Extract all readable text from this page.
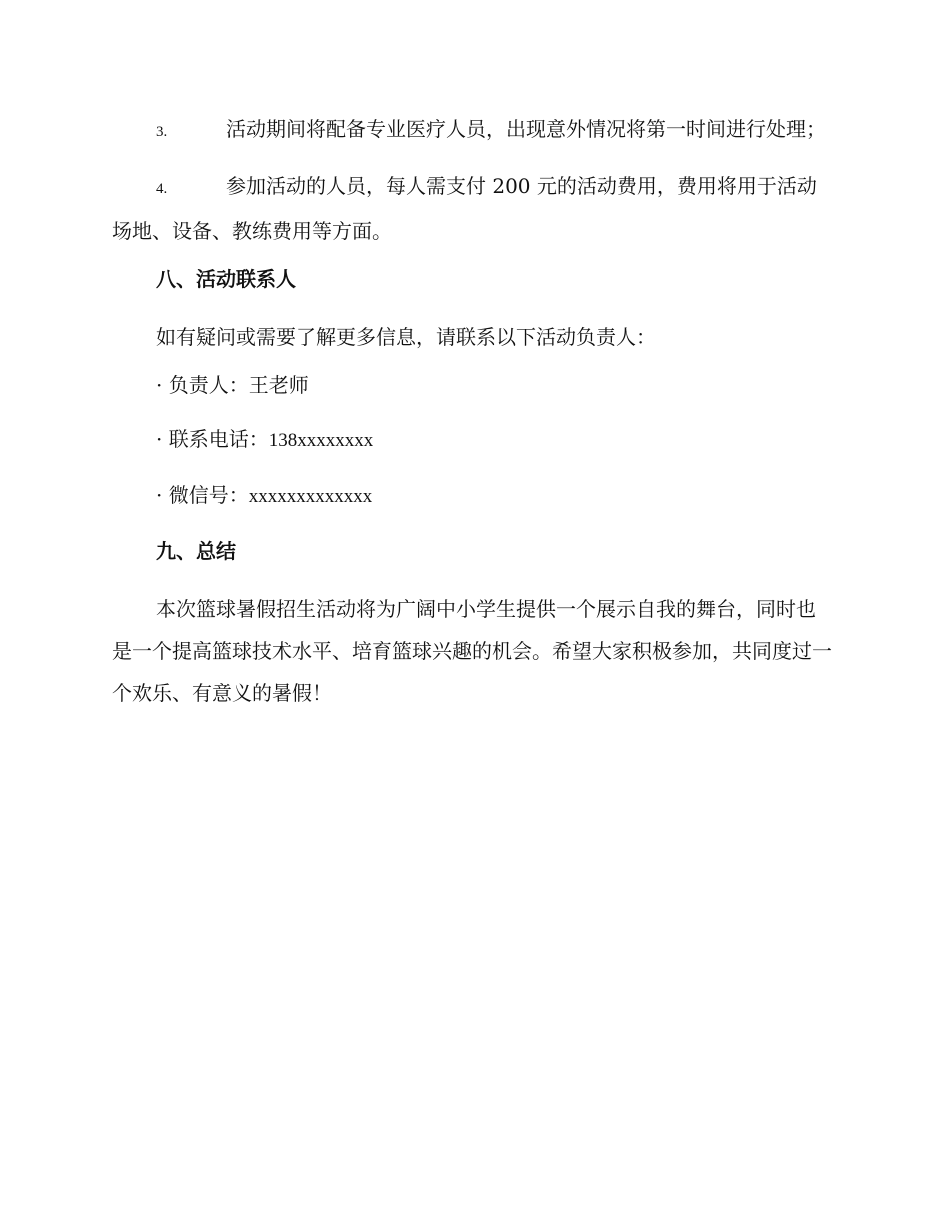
3.	活动期间将配备专业医疗人员，出现意外情况将第一时间进行处理；

4.	参加活动的人员，每人需支付 200 元的活动费用，费用将用于活动场地、设备、教练费用等方面。

八、活动联系人

如有疑问或需要了解更多信息，请联系以下活动负责人：

· 负责人：王老师
· 联系电话：138xxxxxxxx
· 微信号：xxxxxxxxxxxxx
九、总结

本次篮球暑假招生活动将为广阔中小学生提供一个展示自我的舞台，同时也是一个提高篮球技术水平、培育篮球兴趣的机会。希望大家积极参加，共同度过一个欢乐、有意义的暑假！
